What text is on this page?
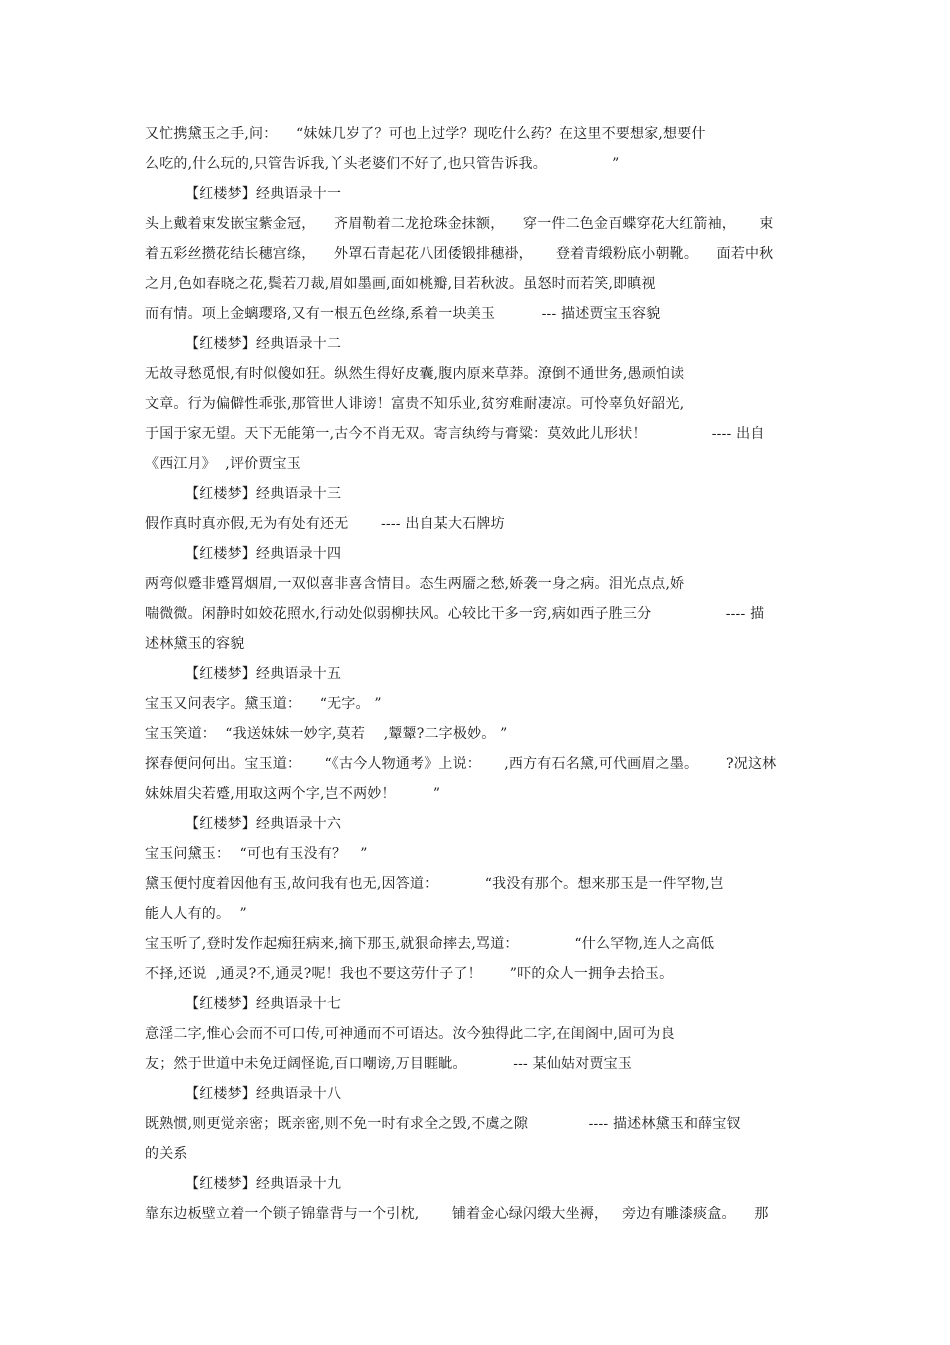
又忙携黛玉之手,问：    “妹妹几岁了？可也上过学？现吃什么药？在这里不要想家,想要什
么吃的,什么玩的,只管告诉我,丫头老婆们不好了,也只管告诉我。              ”
【红楼梦】经典语录十一
头上戴着束发嵌宝紫金冠，    齐眉勒着二龙抢珠金抹额，    穿一件二色金百蝶穿花大红箭袖，     束
着五彩丝攒花结长穗宫绦，    外罩石青起花八团倭锻排穗褂，     登着青缎粉底小朝靴。    面若中秋
之月,色如春晓之花,鬓若刀裁,眉如墨画,面如桃瓣,目若秋波。虽怒时而若笑,即瞋视
而有情。项上金螭璎珞,又有一根五色丝绦,系着一块美玉          --- 描述贾宝玉容貌
【红楼梦】经典语录十二
无故寻愁觅恨,有时似傻如狂。纵然生得好皮囊,腹内原来草莽。潦倒不通世务,愚顽怕读
文章。行为偏僻性乖张,那管世人诽谤！富贵不知乐业,贫穷难耐凄凉。可怜辜负好韶光,
于国于家无望。天下无能第一,古今不肖无双。寄言纨绔与膏粱：莫效此儿形状！              ---- 出自
《西江月》  ,评价贾宝玉
【红楼梦】经典语录十三
假作真时真亦假,无为有处有还无       ---- 出自某大石牌坊
【红楼梦】经典语录十四
两弯似蹙非蹙罥烟眉,一双似喜非喜含情目。态生两靥之愁,娇袭一身之病。泪光点点,娇
喘微微。闲静时如姣花照水,行动处似弱柳扶风。心较比干多一窍,病如西子胜三分                ---- 描
述林黛玉的容貌
【红楼梦】经典语录十五
宝玉又问表字。黛玉道：    “无字。 ”
宝玉笑道：  “我送妹妹一妙字,莫若    ,颦颦?二字极妙。 ”
探春便问何出。宝玉道：     “《古今人物通考》上说：     ,西方有石名黛,可代画眉之墨。      ?况这林
妹妹眉尖若蹙,用取这两个字,岂不两妙！        ”
【红楼梦】经典语录十六
宝玉问黛玉：  “可也有玉没有？   ”
黛玉便忖度着因他有玉,故问我有也无,因答道：          “我没有那个。想来那玉是一件罕物,岂
能人人有的。  ”
宝玉听了,登时发作起痴狂病来,摘下那玉,就狠命摔去,骂道：            “什么罕物,连人之高低
不择,还说  ,通灵?不,通灵?呢！我也不要这劳什子了！      ”吓的众人一拥争去拾玉。
【红楼梦】经典语录十七
意淫二字,惟心会而不可口传,可神通而不可语达。汝今独得此二字,在闺阁中,固可为良
友；然于世道中未免迂阔怪诡,百口嘲谤,万目睚眦。          --- 某仙姑对贾宝玉
【红楼梦】经典语录十八
既熟惯,则更觉亲密；既亲密,则不免一时有求全之毁,不虞之隙             ---- 描述林黛玉和薛宝钗
的关系
【红楼梦】经典语录十九
靠东边板壁立着一个锁子锦靠背与一个引枕,       铺着金心绿闪缎大坐褥，   旁边有雕漆痰盒。    那
